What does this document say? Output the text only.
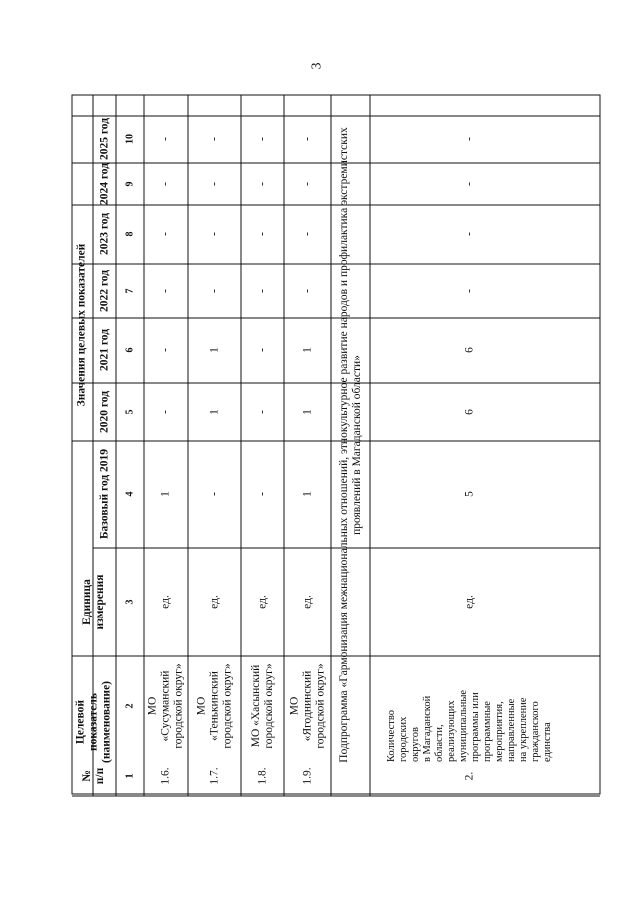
3
№
п/п
Целевой
показатель
(наименование)
Единица
измерения
Значения целевых показателей
Базовый год 2019
2020 год
2021 год
2022 год
2023 год
2024 год
2025 год
1
2
3
4
5
6
7
8
9
10
1.6.
МО
«Сусуманский
городской округ»
ед.
1
-
-
-
-
-
-
1.7.
МО
«Тенькинский
городской округ»
ед.
-
1
1
-
-
-
-
1.8.
МО «Хасынский
городской округ»
ед.
-
-
-
-
-
-
-
1.9.
МО
«Ягоднинский
городской округ»
ед.
1
1
1
-
-
-
- Подпрограмма «Гармонизация межнациональных отношений, этнокультурное развитие народов и профилактика экстремистских
проявлений в Магаданской области»
2.
Количество
городских
округов
в Магаданской
области,
реализующих
муниципальные
программы или
программные
мероприятия,
направленные
на укрепление
гражданского
единства
ед.
5
6
6
-
-
-
-
